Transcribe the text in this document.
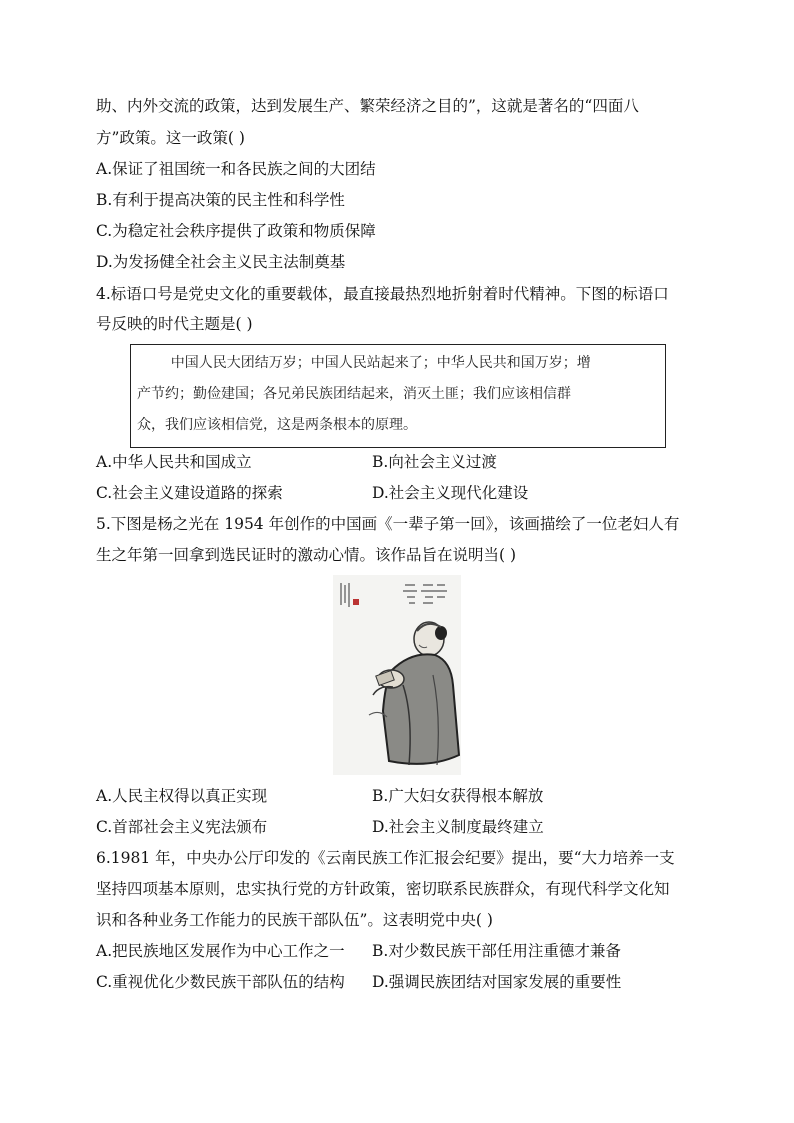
助、内外交流的政策，达到发展生产、繁荣经济之目的”，这就是著名的“四面八
方”政策。这一政策( )
A.保证了祖国统一和各民族之间的大团结
B.有利于提高决策的民主性和科学性
C.为稳定社会秩序提供了政策和物质保障
D.为发扬健全社会主义民主法制奠基
4.标语口号是党史文化的重要载体，最直接最热烈地折射着时代精神。下图的标语口
号反映的时代主题是( )
中国人民大团结万岁；中国人民站起来了；中华人民共和国万岁；增
产节约；勤俭建国；各兄弟民族团结起来，消灭土匪；我们应该相信群
众，我们应该相信党，这是两条根本的原理。
A.中华人民共和国成立	B.向社会主义过渡
C.社会主义建设道路的探索	D.社会主义现代化建设
5.下图是杨之光在 1954 年创作的中国画《一辈子第一回》，该画描绘了一位老妇人有
生之年第一回拿到选民证时的激动心情。该作品旨在说明当( )
A.人民主权得以真正实现	B.广大妇女获得根本解放
C.首部社会主义宪法颁布	D.社会主义制度最终建立
6.1981 年，中央办公厅印发的《云南民族工作汇报会纪要》提出，要“大力培养一支
坚持四项基本原则，忠实执行党的方针政策，密切联系民族群众，有现代科学文化知
识和各种业务工作能力的民族干部队伍”。这表明党中央( )
A.把民族地区发展作为中心工作之一 B.对少数民族干部任用注重德才兼备
C.重视优化少数民族干部队伍的结构 D.强调民族团结对国家发展的重要性
